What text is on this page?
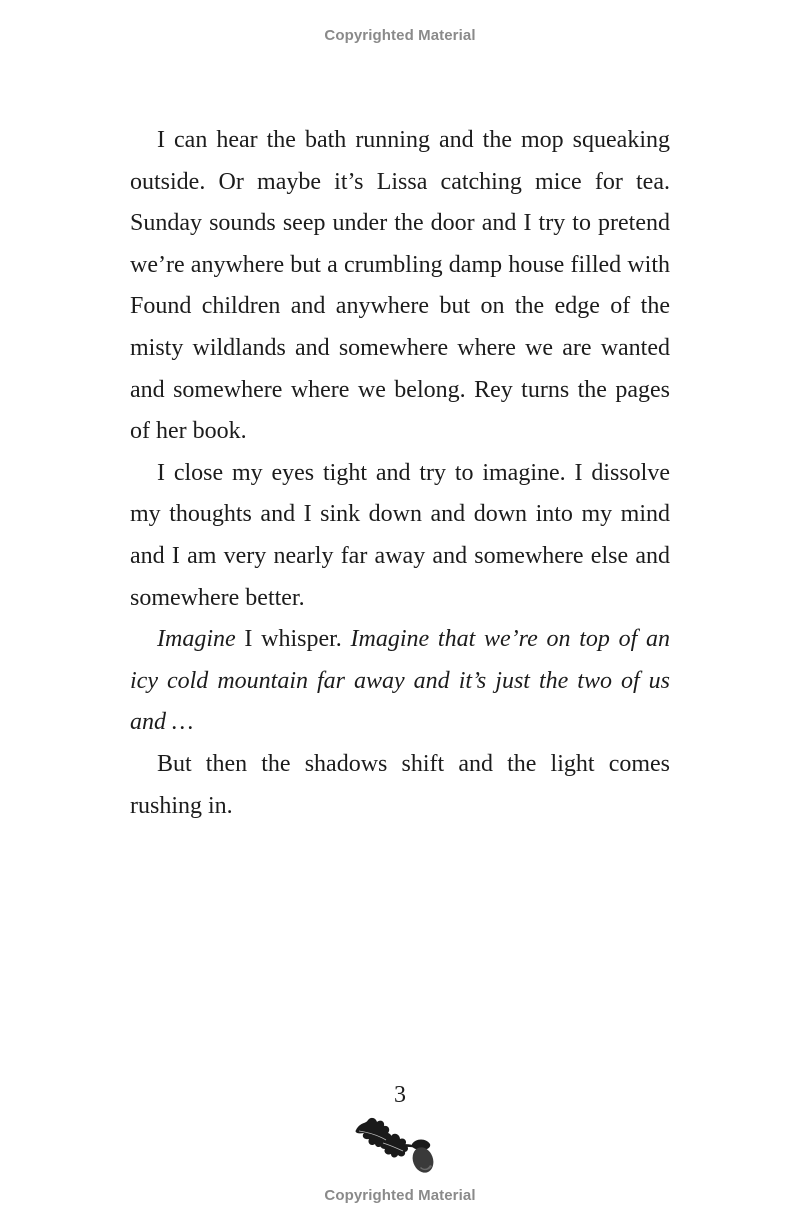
Copyrighted Material

I can hear the bath running and the mop squeaking outside. Or maybe it’s Lissa catching mice for tea. Sunday sounds seep under the door and I try to pretend we’re anywhere but a crumbling damp house filled with Found children and anywhere but on the edge of the misty wildlands and somewhere where we are wanted and somewhere where we belong. Rey turns the pages of her book.

I close my eyes tight and try to imagine. I dissolve my thoughts and I sink down and down into my mind and I am very nearly far away and somewhere else and somewhere better.

Imagine I whisper. Imagine that we’re on top of an icy cold mountain far away and it’s just the two of us and …

But then the shadows shift and the light comes rushing in.

3
Copyrighted Material
